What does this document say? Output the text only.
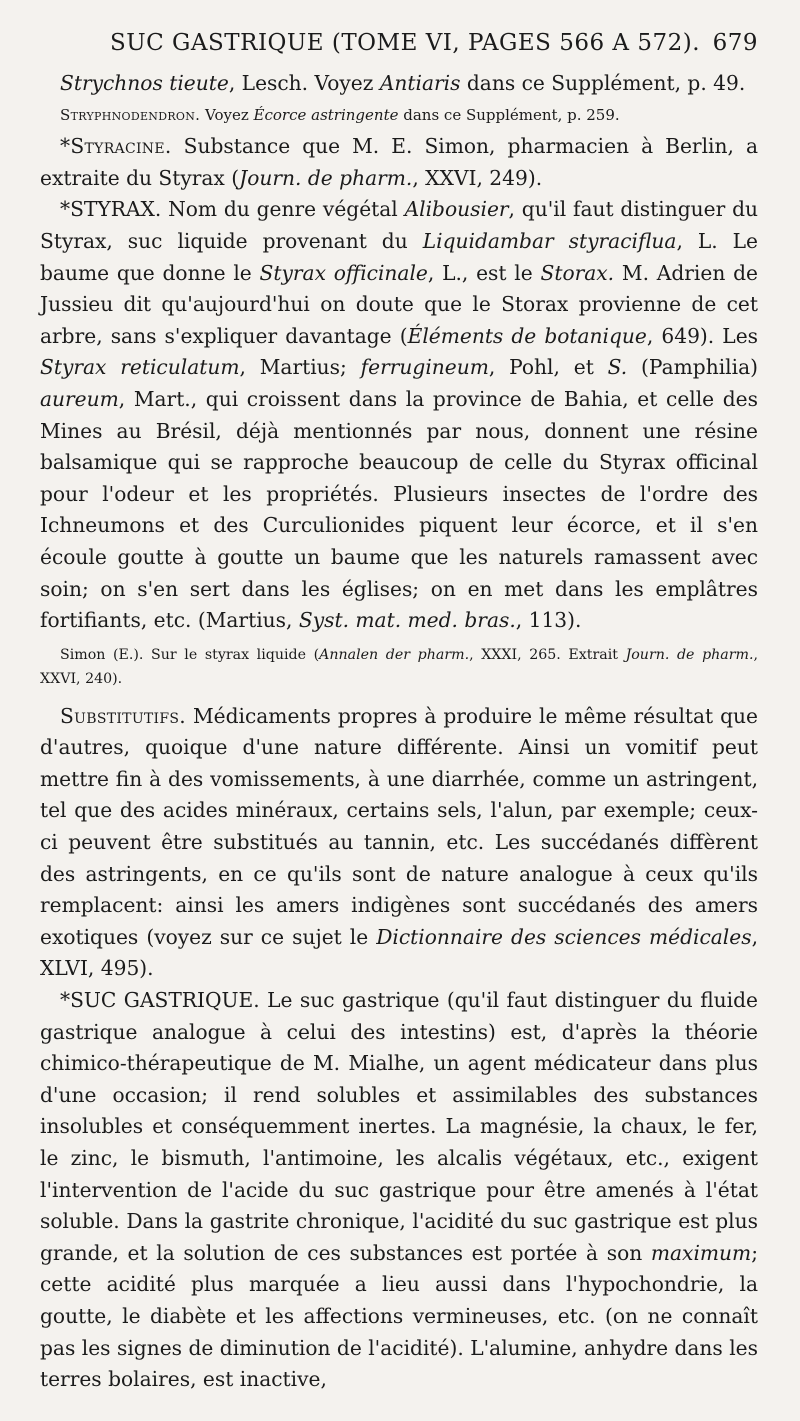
SUC GASTRIQUE (TOME VI, PAGES 566 A 572). 679

Strychnos tieute, Lesch. Voyez Antiaris dans ce Supplément, p. 49.

Stryphnodendron. Voyez Écorce astringente dans ce Supplément, p. 259.

*Styracine. Substance que M. E. Simon, pharmacien à Berlin, a extraite du Styrax (Journ. de pharm., XXVI, 249).

*STYRAX. Nom du genre végétal Alibousier, qu'il faut distinguer du Styrax, suc liquide provenant du Liquidambar styraciflua, L. Le baume que donne le Styrax officinale, L., est le Storax. M. Adrien de Jussieu dit qu'aujourd'hui on doute que le Storax provienne de cet arbre, sans s'expliquer davantage (Éléments de botanique, 649). Les Styrax reticulatum, Martius; ferrugineum, Pohl, et S. (Pamphilia) aureum, Mart., qui croissent dans la province de Bahia, et celle des Mines au Brésil, déjà mentionnés par nous, donnent une résine balsamique qui se rapproche beaucoup de celle du Styrax officinal pour l'odeur et les propriétés. Plusieurs insectes de l'ordre des Ichneumons et des Curculionides piquent leur écorce, et il s'en écoule goutte à goutte un baume que les naturels ramassent avec soin; on s'en sert dans les églises; on en met dans les emplâtres fortifiants, etc. (Martius, Syst. mat. med. bras., 113).

Simon (E.). Sur le styrax liquide (Annalen der pharm., XXXI, 265. Extrait Journ. de pharm., XXVI, 240).

Substitutifs. Médicaments propres à produire le même résultat que d'autres, quoique d'une nature différente. Ainsi un vomitif peut mettre fin à des vomissements, à une diarrhée, comme un astringent, tel que des acides minéraux, certains sels, l'alun, par exemple; ceux-ci peuvent être substitués au tannin, etc. Les succédanés diffèrent des astringents, en ce qu'ils sont de nature analogue à ceux qu'ils remplacent: ainsi les amers indigènes sont succédanés des amers exotiques (voyez sur ce sujet le Dictionnaire des sciences médicales, XLVI, 495).

*SUC GASTRIQUE. Le suc gastrique (qu'il faut distinguer du fluide gastrique analogue à celui des intestins) est, d'après la théorie chimico-thérapeutique de M. Mialhe, un agent médicateur dans plus d'une occasion; il rend solubles et assimilables des substances insolubles et conséquemment inertes. La magnésie, la chaux, le fer, le zinc, le bismuth, l'antimoine, les alcalis végétaux, etc., exigent l'intervention de l'acide du suc gastrique pour être amenés à l'état soluble. Dans la gastrite chronique, l'acidité du suc gastrique est plus grande, et la solution de ces substances est portée à son maximum; cette acidité plus marquée a lieu aussi dans l'hypochondrie, la goutte, le diabète et les affections vermineuses, etc. (on ne connaît pas les signes de diminution de l'acidité). L'alumine, anhydre dans les terres bolaires, est inactive,
